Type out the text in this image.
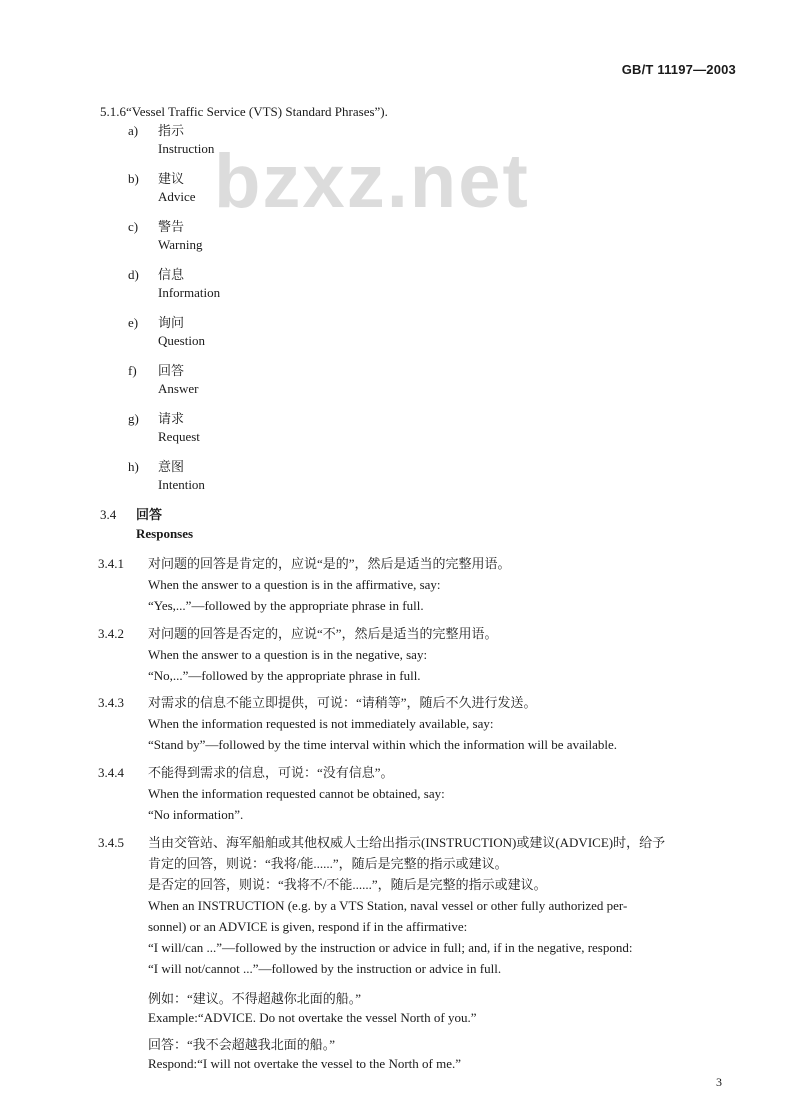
GB/T 11197—2003
bzxz.net
5.1.6“Vessel Traffic Service (VTS) Standard Phrases”).
a)	指示
Instruction
b)	建议
Advice
c)	警告
Warning
d)	信息
Information
e)	询问
Question
f)	回答
Answer
g)	请求
Request
h)	意图
Intention
3.4 回答
Responses
3.4.1 对问题的回答是肯定的，应说“是的”，然后是适当的完整用语。
When the answer to a question is in the affirmative, say:
“Yes,...”—followed by the appropriate phrase in full.
3.4.2 对问题的回答是否定的，应说“不”，然后是适当的完整用语。
When the answer to a question is in the negative, say:
“No,...”—followed by the appropriate phrase in full.
3.4.3 对需求的信息不能立即提供，可说：“请稍等”，随后不久进行发送。
When the information requested is not immediately available, say:
“Stand by”—followed by the time interval within which the information will be available.
3.4.4 不能得到需求的信息，可说：“没有信息”。
When the information requested cannot be obtained, say:
“No information”.
3.4.5 当由交管站、海军船舶或其他权威人士给出指示(INSTRUCTION)或建议(ADVICE)时，给予
肯定的回答，则说：“我将/能......”，随后是完整的指示或建议。
是否定的回答，则说：“我将不/不能......”，随后是完整的指示或建议。
When an INSTRUCTION (e.g. by a VTS Station, naval vessel or other fully authorized per-
sonnel) or an ADVICE is given, respond if in the affirmative:
“I will/can ...”—followed by the instruction or advice in full; and, if in the negative, respond:
“I will not/cannot ...”—followed by the instruction or advice in full.
例如：“建议。不得超越你北面的船。”
Example:“ADVICE. Do not overtake the vessel North of you.”
回答：“我不会超越我北面的船。”
Respond:“I will not overtake the vessel to the North of me.”
3
